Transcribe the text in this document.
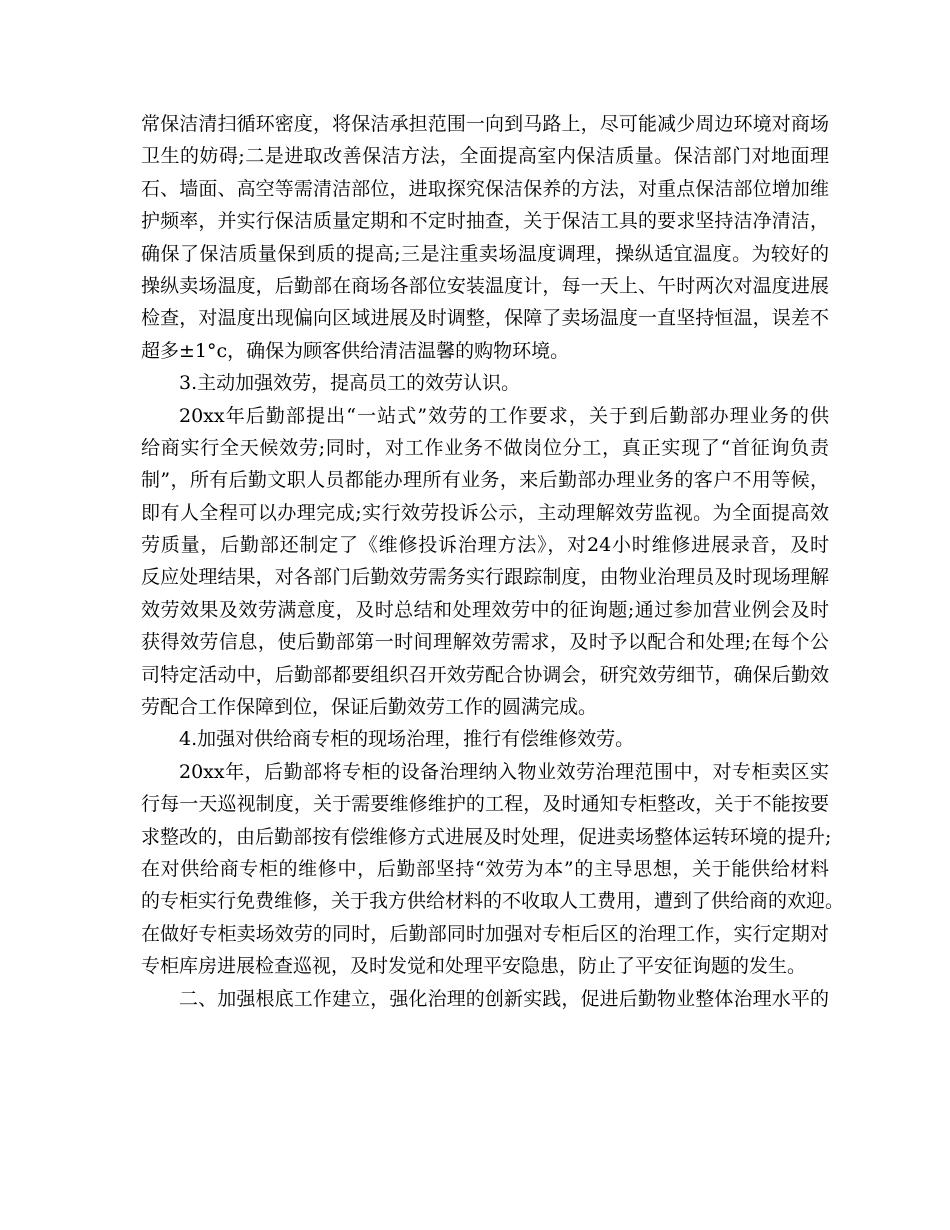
常保洁清扫循环密度，将保洁承担范围一向到马路上，尽可能减少周边环境对商场
卫生的妨碍;二是进取改善保洁方法，全面提高室内保洁质量。保洁部门对地面理
石、墙面、高空等需清洁部位，进取探究保洁保养的方法，对重点保洁部位增加维
护频率，并实行保洁质量定期和不定时抽查，关于保洁工具的要求坚持洁净清洁，
确保了保洁质量保到质的提高;三是注重卖场温度调理，操纵适宜温度。为较好的
操纵卖场温度，后勤部在商场各部位安装温度计，每一天上、午时两次对温度进展
检查，对温度出现偏向区域进展及时调整，保障了卖场温度一直坚持恒温，误差不
超多±1°c，确保为顾客供给清洁温馨的购物环境。
3.主动加强效劳，提高员工的效劳认识。
20xx年后勤部提出“一站式”效劳的工作要求，关于到后勤部办理业务的供
给商实行全天候效劳;同时，对工作业务不做岗位分工，真正实现了“首征询负责
制”，所有后勤文职人员都能办理所有业务，来后勤部办理业务的客户不用等候，
即有人全程可以办理完成;实行效劳投诉公示，主动理解效劳监视。为全面提高效
劳质量，后勤部还制定了《维修投诉治理方法》，对24小时维修进展录音，及时
反应处理结果，对各部门后勤效劳需务实行跟踪制度，由物业治理员及时现场理解
效劳效果及效劳满意度，及时总结和处理效劳中的征询题;通过参加营业例会及时
获得效劳信息，使后勤部第一时间理解效劳需求，及时予以配合和处理;在每个公
司特定活动中，后勤部都要组织召开效劳配合协调会，研究效劳细节，确保后勤效
劳配合工作保障到位，保证后勤效劳工作的圆满完成。
4.加强对供给商专柜的现场治理，推行有偿维修效劳。
20xx年，后勤部将专柜的设备治理纳入物业效劳治理范围中，对专柜卖区实
行每一天巡视制度，关于需要维修维护的工程，及时通知专柜整改，关于不能按要
求整改的，由后勤部按有偿维修方式进展及时处理，促进卖场整体运转环境的提升;
在对供给商专柜的维修中，后勤部坚持“效劳为本”的主导思想，关于能供给材料
的专柜实行免费维修，关于我方供给材料的不收取人工费用，遭到了供给商的欢迎。
在做好专柜卖场效劳的同时，后勤部同时加强对专柜后区的治理工作，实行定期对
专柜库房进展检查巡视，及时发觉和处理平安隐患，防止了平安征询题的发生。
二、加强根底工作建立，强化治理的创新实践，促进后勤物业整体治理水平的
